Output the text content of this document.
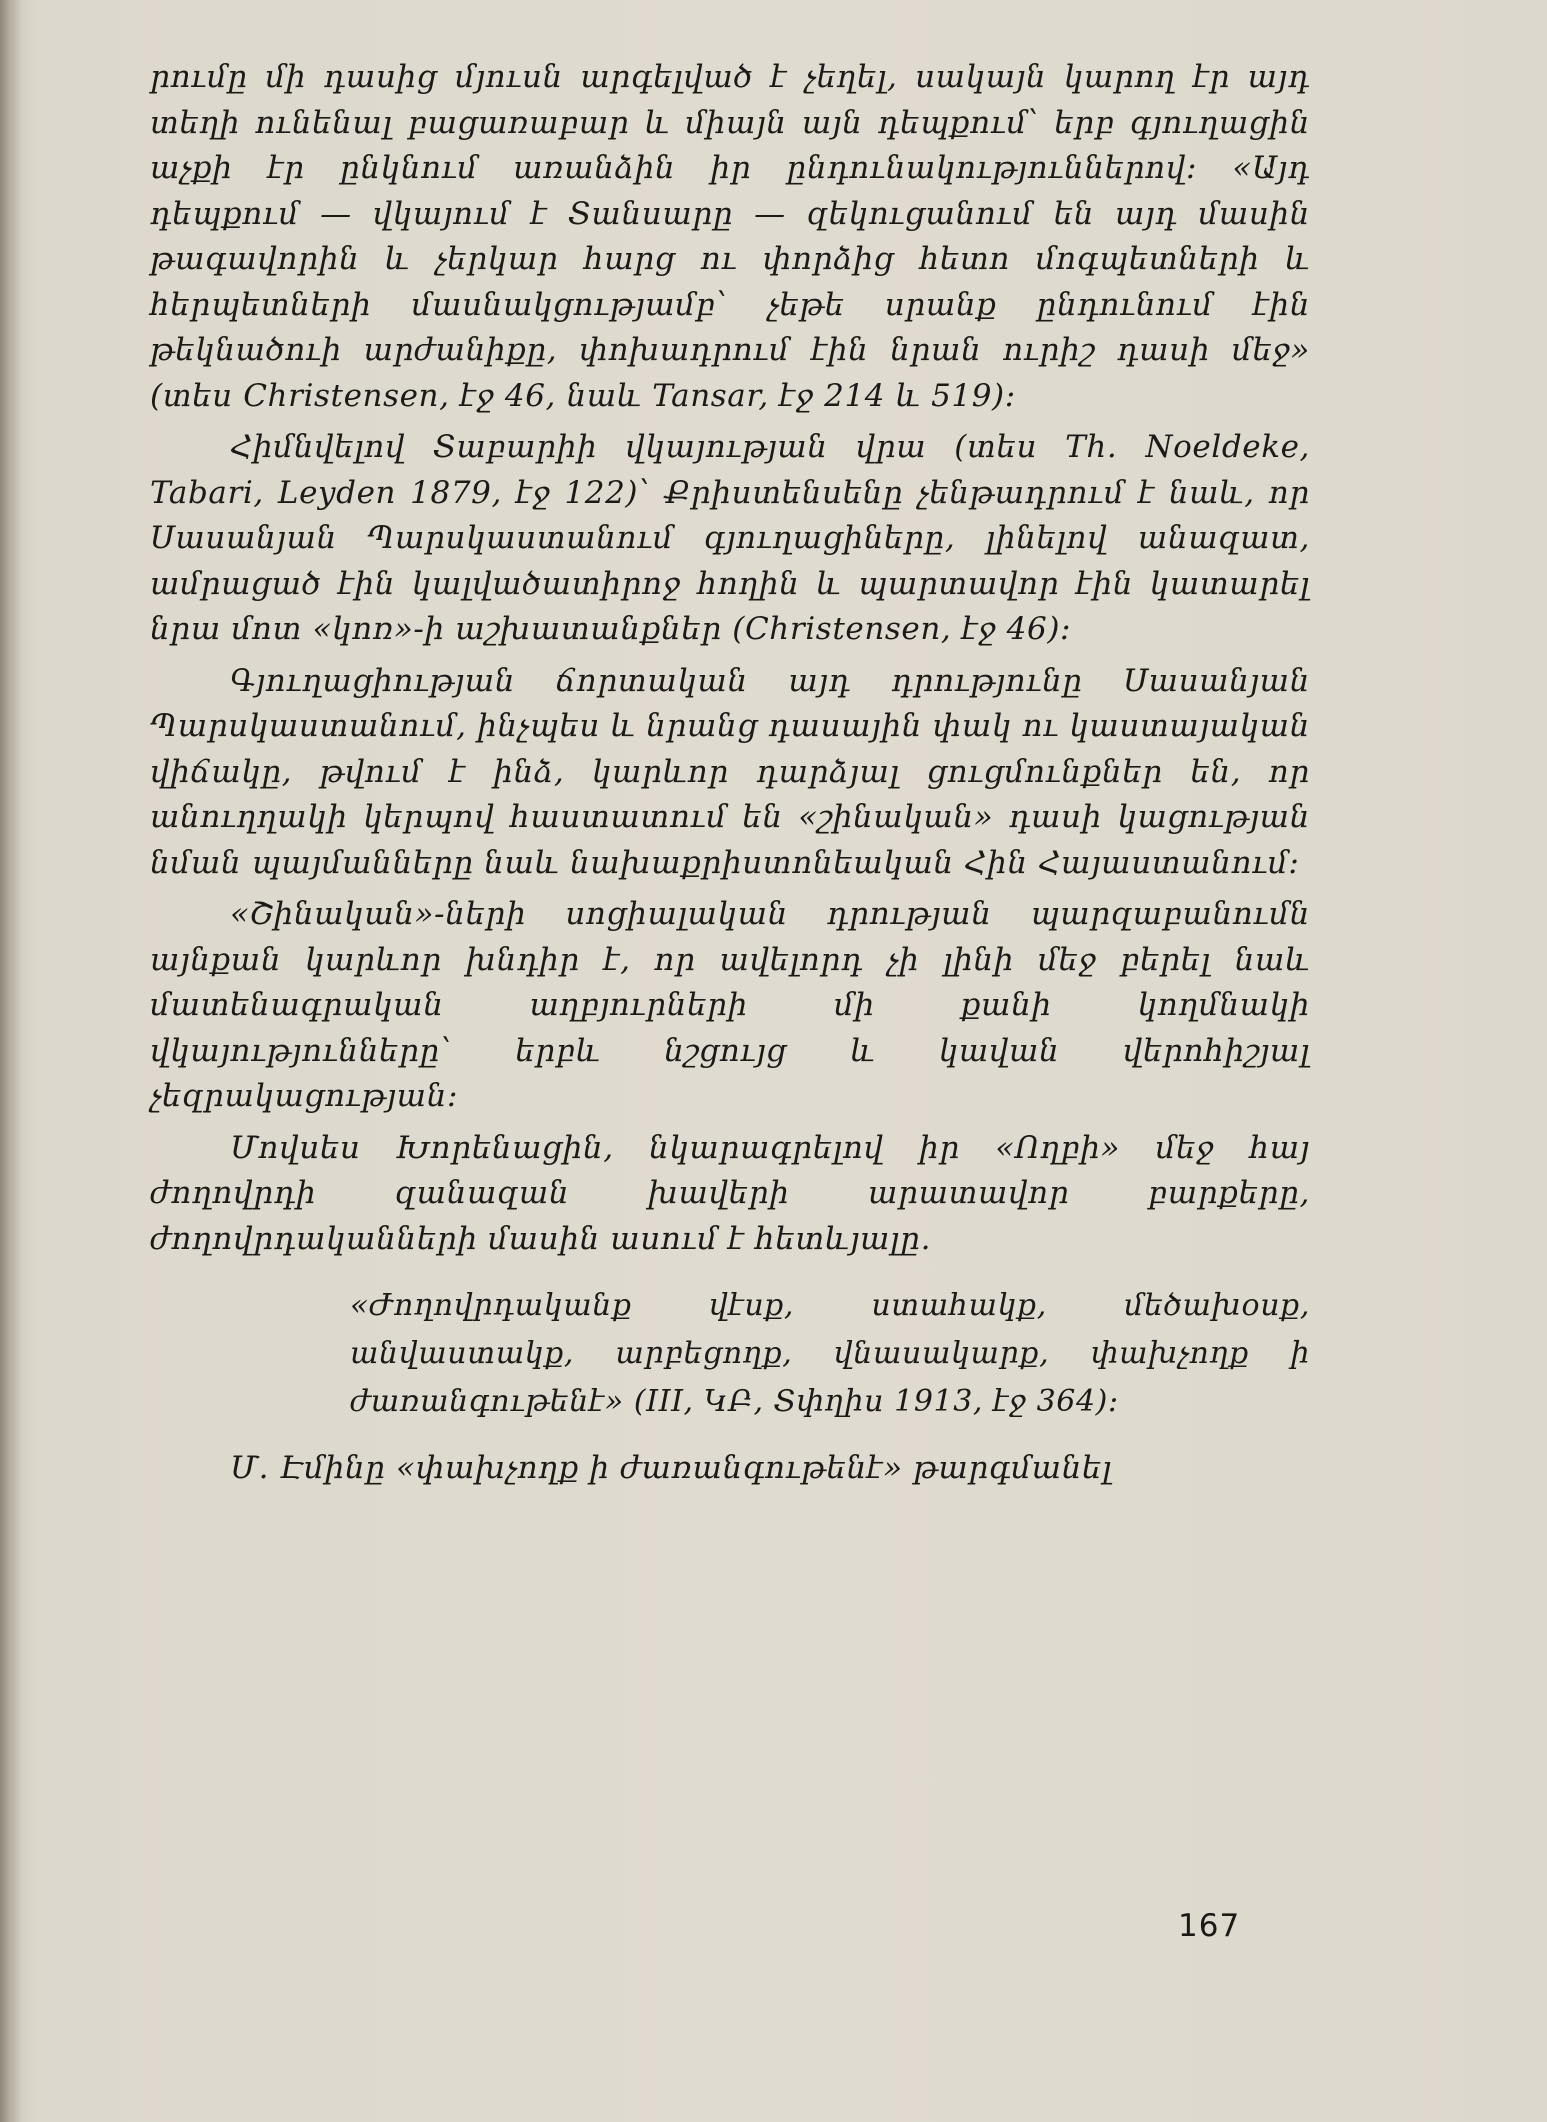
րումը մի դասից մյուսն արգելված է չեղել, սակայն կարող էր այդ տեղի ունենալ բացառաբար և միայն այն դեպքում՝ երբ գյուղացին աչքի էր ընկնում առանձին իր ընդունակություններով։ «Այդ դեպքում — վկայում է Տանսարը — զեկուցանում են այդ մասին թագավորին և չերկար հարց ու փորձից հետո մոգպետների և հերպետների մասնակցությամբ՝ չեթե սրանք ընդունում էին թեկնածուի արժանիքը, փոխադրում էին նրան ուրիշ դասի մեջ» (տես Christensen, էջ 46, նաև Tansar, էջ 214 և 519)։

Հիմնվելով Տաբարիի վկայության վրա (տես Th. Noeldeke, Tabari, Leyden 1879, էջ 122)՝ Քրիստենսենը չենթադրում է նաև, որ Սասանյան Պարսկաստանում գյուղացիները, լինելով անազատ, ամրացած էին կալվածատիրոջ հողին և պարտավոր էին կատարել նրա մոտ «կոռ»-ի աշխատանքներ (Christensen, էջ 46)։

Գյուղացիության ճորտական այդ դրությունը Սասանյան Պարսկաստանում, ինչպես և նրանց դասային փակ ու կաստայական վիճակը, թվում է ինձ, կարևոր դարձյալ ցուցմունքներ են, որ անուղղակի կերպով հաստատում են «շինական» դասի կացության նման պայմանները նաև նախաքրիստոնեական Հին Հայաստանում։

«Շինական»-ների սոցիալական դրության պարզաբանումն այնքան կարևոր խնդիր է, որ ավելորդ չի լինի մեջ բերել նաև մատենագրական աղբյուրների մի քանի կողմնակի վկայությունները՝ երբև նշցույց և կավան վերոհիշյալ չեզրակացության։

Մովսես Խորենացին, նկարագրելով իր «Ողբի» մեջ հայ ժողովրդի զանազան խավերի արատավոր բարքերը, ժողովրդականների մասին ասում է հետևյալը․

«Ժողովրդականք վէսք, ստահակք, մեծախօսք, անվաստակք, արբեցողք, վնասակարք, փախչողք ի ժառանգութենէ» (III, ԿԲ, Տփղիս 1913, էջ 364)։

Մ․ Էմինը «փախչողք ի ժառանգութենէ» թարգմանել

167
